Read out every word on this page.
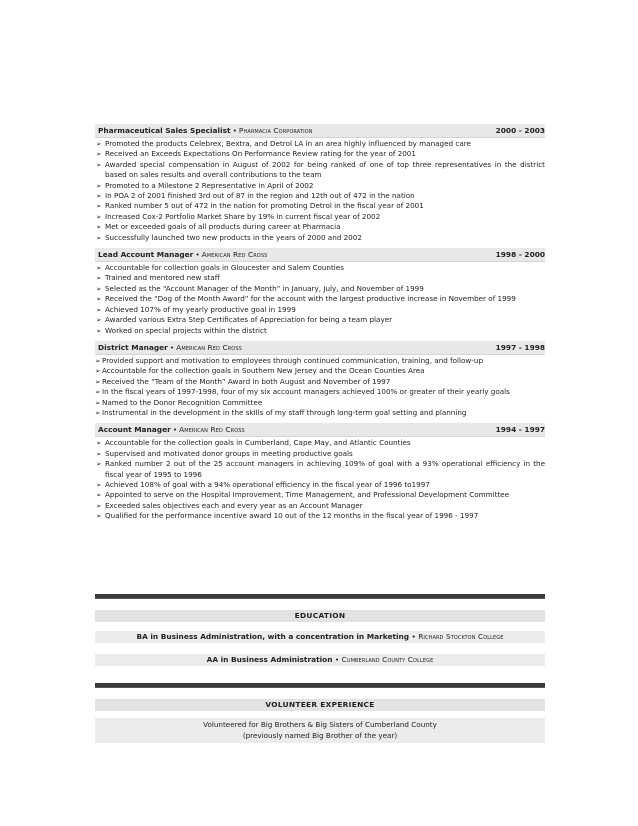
Pharmaceutical Sales Specialist • Pharmacia Corporation	2000 - 2003
➢ Promoted the products Celebrex, Bextra, and Detrol LA in an area highly influenced by managed care
➢ Received an Exceeds Expectations On Performance Review rating for the year of 2001
➢ Awarded special compensation in August of 2002 for being ranked of one of top three representatives in the district based on sales results and overall contributions to the team
➢ Promoted to a Milestone 2 Representative in April of 2002
➢ In POA 2 of 2001 finished 3rd out of 87 in the region and 12th out of 472 in the nation
➢ Ranked number 5 out of 472 in the nation for promoting Detrol in the fiscal year of 2001
➢ Increased Cox-2 Portfolio Market Share by 19% in current fiscal year of 2002
➢ Met or exceeded goals of all products during career at Pharmacia
➢ Successfully launched two new products in the years of 2000 and 2002
Lead Account Manager • American Red Cross	1998 - 2000
➢ Accountable for collection goals in Gloucester and Salem Counties
➢ Trained and mentored new staff
➢ Selected as the “Account Manager of the Month” in January, July, and November of 1999
➢ Received the “Dog of the Month Award” for the account with the largest productive increase in November of 1999
➢ Achieved 107% of my yearly productive goal in 1999
➢ Awarded various Extra Step Certificates of Appreciation for being a team player
➢ Worked on special projects within the district
District Manager • American Red Cross	1997 - 1998
➢ Provided support and motivation to employees through continued communication, training, and follow-up
➢ Accountable for the collection goals in Southern New Jersey and the Ocean Counties Area
➢ Received the “Team of the Month” Award in both August and November of 1997
➢ In the fiscal years of 1997-1998, four of my six account managers achieved 100% or greater of their yearly goals
➢ Named to the Donor Recognition Committee
➢ Instrumental in the development in the skills of my staff through long-term goal setting and planning
Account Manager • American Red Cross	1994 - 1997
➢ Accountable for the collection goals in Cumberland, Cape May, and Atlantic Counties
➢ Supervised and motivated donor groups in meeting productive goals
➢ Ranked number 2 out of the 25 account managers in achieving 109% of goal with a 93% operational efficiency in the fiscal year of 1995 to 1996
➢ Achieved 108% of goal with a 94% operational efficiency in the fiscal year of 1996 to1997
➢ Appointed to serve on the Hospital Improvement, Time Management, and Professional Development Committee
➢ Exceeded sales objectives each and every year as an Account Manager
➢ Qualified for the performance incentive award 10 out of the 12 months in the fiscal year of 1996 - 1997
EDUCATION
BA in Business Administration, with a concentration in Marketing • Richard Stockton College
AA in Business Administration • Cumberland County College
VOLUNTEER EXPERIENCE
Volunteered for Big Brothers & Big Sisters of Cumberland County
(previously named Big Brother of the year)
